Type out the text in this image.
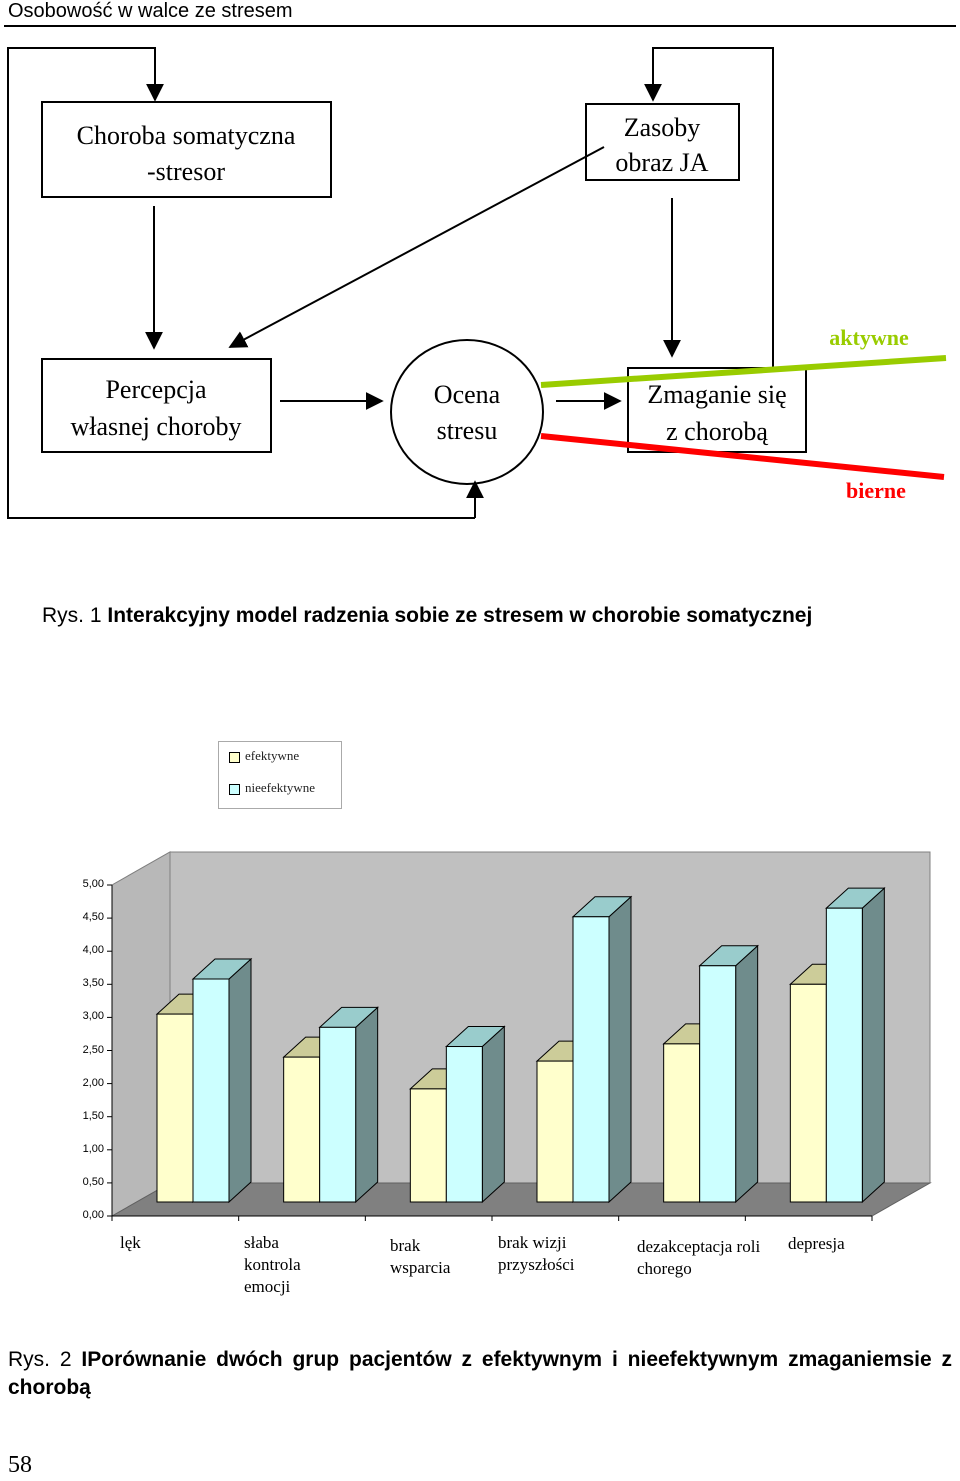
Osobowość w walce ze stresem
Choroba somatyczna
-stresor
Zasoby
obraz JA
Percepcja
własnej choroby
Ocena
stresu
Zmaganie się
z chorobą
aktywne
bierne
Rys. 1 Interakcyjny model radzenia sobie ze stresem w chorobie somatycznej
efektywne
nieefektywne
0,00
0,50
1,00
1,50
2,00
2,50
3,00
3,50
4,00
4,50
5,00
lęk	słaba
kontrola
emocji
brak
wsparcia
brak wizji
przyszłości
dezakceptacja roli
chorego
depresja
Rys. 2 IPorównanie dwóch grup pacjentów z efektywnym i nieefektywnym zmaganiemsie z chorobą
58
